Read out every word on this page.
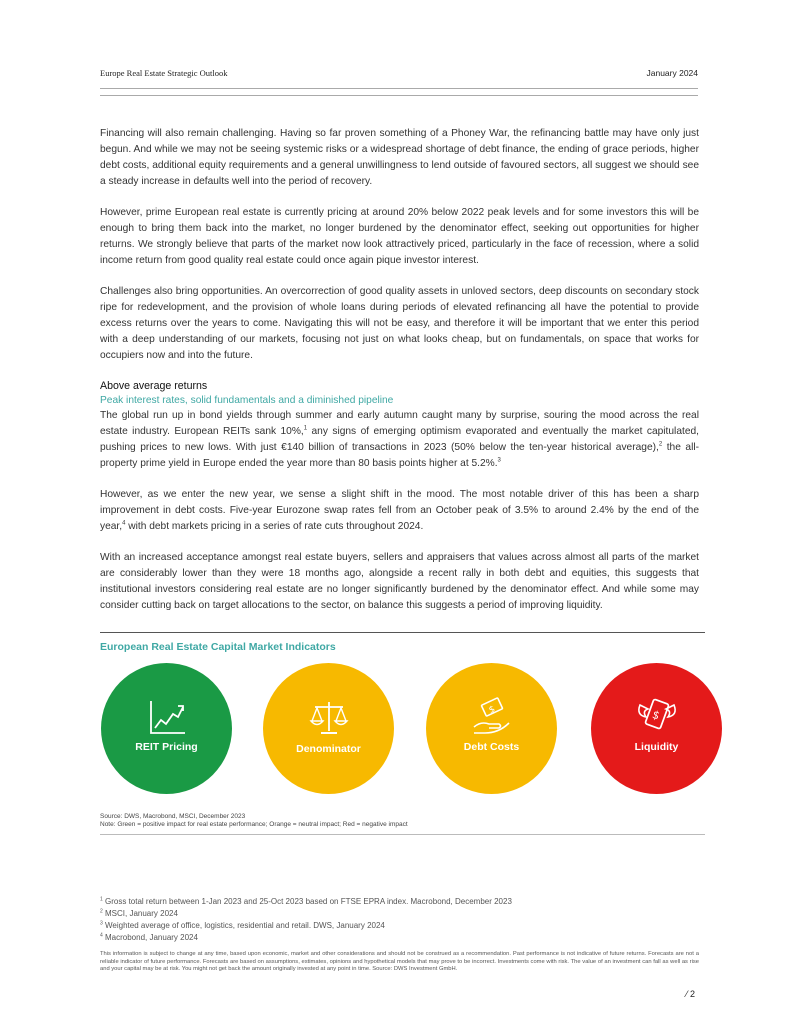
Europe Real Estate Strategic Outlook	January 2024

Financing will also remain challenging. Having so far proven something of a Phoney War, the refinancing battle may have only just begun. And while we may not be seeing systemic risks or a widespread shortage of debt finance, the ending of grace periods, higher debt costs, additional equity requirements and a general unwillingness to lend outside of favoured sectors, all suggest we should see a steady increase in defaults well into the period of recovery.

However, prime European real estate is currently pricing at around 20% below 2022 peak levels and for some investors this will be enough to bring them back into the market, no longer burdened by the denominator effect, seeking out opportunities for higher returns. We strongly believe that parts of the market now look attractively priced, particularly in the face of recession, where a solid income return from good quality real estate could once again pique investor interest.

Challenges also bring opportunities. An overcorrection of good quality assets in unloved sectors, deep discounts on secondary stock ripe for redevelopment, and the provision of whole loans during periods of elevated refinancing all have the potential to provide excess returns over the years to come. Navigating this will not be easy, and therefore it will be important that we enter this period with a deep understanding of our markets, focusing not just on what looks cheap, but on fundamentals, on space that works for occupiers now and into the future.

Above average returns
Peak interest rates, solid fundamentals and a diminished pipeline

The global run up in bond yields through summer and early autumn caught many by surprise, souring the mood across the real estate industry. European REITs sank 10%,$^1$ any signs of emerging optimism evaporated and eventually the market capitulated, pushing prices to new lows. With just €140 billion of transactions in 2023 (50% below the ten-year historical average),$^2$ the all-property prime yield in Europe ended the year more than 80 basis points higher at 5.2%.$^3$

However, as we enter the new year, we sense a slight shift in the mood. The most notable driver of this has been a sharp improvement in debt costs. Five-year Eurozone swap rates fell from an October peak of 3.5% to around 2.4% by the end of the year,$^4$ with debt markets pricing in a series of rate cuts throughout 2024.

With an increased acceptance amongst real estate buyers, sellers and appraisers that values across almost all parts of the market are considerably lower than they were 18 months ago, alongside a recent rally in both debt and equities, this suggests that institutional investors considering real estate are no longer significantly burdened by the denominator effect. And while some may consider cutting back on target allocations to the sector, on balance this suggests a period of improving liquidity.

European Real Estate Capital Market Indicators
REIT Pricing	Denominator
$
Debt Costs
$
Liquidity
Source: DWS, Macrobond, MSCI, December 2023
Note: Green = positive impact for real estate performance; Orange = neutral impact; Red = negative impact
$^1$ Gross total return between 1-Jan 2023 and 25-Oct 2023 based on FTSE EPRA index. Macrobond, December 2023
$^2$ MSCI, January 2024
$^3$ Weighted average of office, logistics, residential and retail. DWS, January 2024
$^4$ Macrobond, January 2024
This information is subject to change at any time, based upon economic, market and other considerations and should not be construed as a recommendation. Past performance is not indicative of future returns. Forecasts are not a reliable indicator of future performance. Forecasts are based on assumptions, estimates, opinions and hypothetical models that may prove to be incorrect. Investments come with risk. The value of an investment can fall as well as rise and your capital may be at risk. You might not get back the amount originally invested at any point in time. Source: DWS Investment GmbH.
⁄ 2
